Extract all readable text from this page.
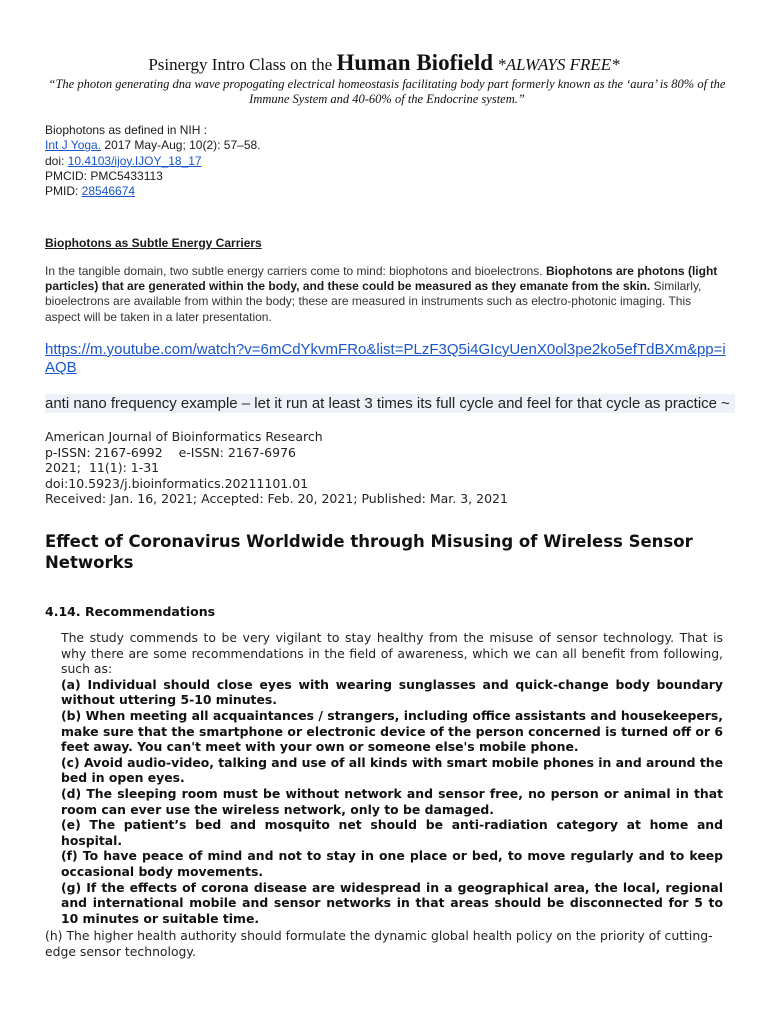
Psinergy Intro Class on the Human Biofield *ALWAYS FREE*
“The photon generating dna wave propogating electrical homeostasis facilitating body part formerly known as the ‘aura’ is 80% of the Immune System and 40-60% of the Endocrine system.”
Biophotons as defined in NIH :
Int J Yoga. 2017 May-Aug; 10(2): 57–58.
doi: 10.4103/ijoy.IJOY_18_17
PMCID: PMC5433113
PMID: 28546674
Biophotons as Subtle Energy Carriers
In the tangible domain, two subtle energy carriers come to mind: biophotons and bioelectrons. Biophotons are photons (light particles) that are generated within the body, and these could be measured as they emanate from the skin. Similarly, bioelectrons are available from within the body; these are measured in instruments such as electro-photonic imaging. This aspect will be taken in a later presentation.
https://m.youtube.com/watch?v=6mCdYkvmFRo&list=PLzF3Q5i4GIcyUenX0ol3pe2ko5efTdBXm&pp=iAQB
anti nano frequency example – let it run at least 3 times its full cycle and feel for that cycle as practice ~
American Journal of Bioinformatics Research
p-ISSN: 2167-6992    e-ISSN: 2167-6976
2021;  11(1): 1-31
doi:10.5923/j.bioinformatics.20211101.01
Received: Jan. 16, 2021; Accepted: Feb. 20, 2021; Published: Mar. 3, 2021
Effect of Coronavirus Worldwide through Misusing of Wireless Sensor Networks
4.14. Recommendations
The study commends to be very vigilant to stay healthy from the misuse of sensor technology. That is why there are some recommendations in the field of awareness, which we can all benefit from following, such as:
(a) Individual should close eyes with wearing sunglasses and quick-change body boundary without uttering 5-10 minutes.
(b) When meeting all acquaintances / strangers, including office assistants and housekeepers, make sure that the smartphone or electronic device of the person concerned is turned off or 6 feet away. You can't meet with your own or someone else's mobile phone.
(c) Avoid audio-video, talking and use of all kinds with smart mobile phones in and around the bed in open eyes.
(d) The sleeping room must be without network and sensor free, no person or animal in that room can ever use the wireless network, only to be damaged.
(e) The patient’s bed and mosquito net should be anti-radiation category at home and hospital.
(f) To have peace of mind and not to stay in one place or bed, to move regularly and to keep occasional body movements.
(g) If the effects of corona disease are widespread in a geographical area, the local, regional and international mobile and sensor networks in that areas should be disconnected for 5 to 10 minutes or suitable time.
(h) The higher health authority should formulate the dynamic global health policy on the priority of cutting-edge sensor technology.
